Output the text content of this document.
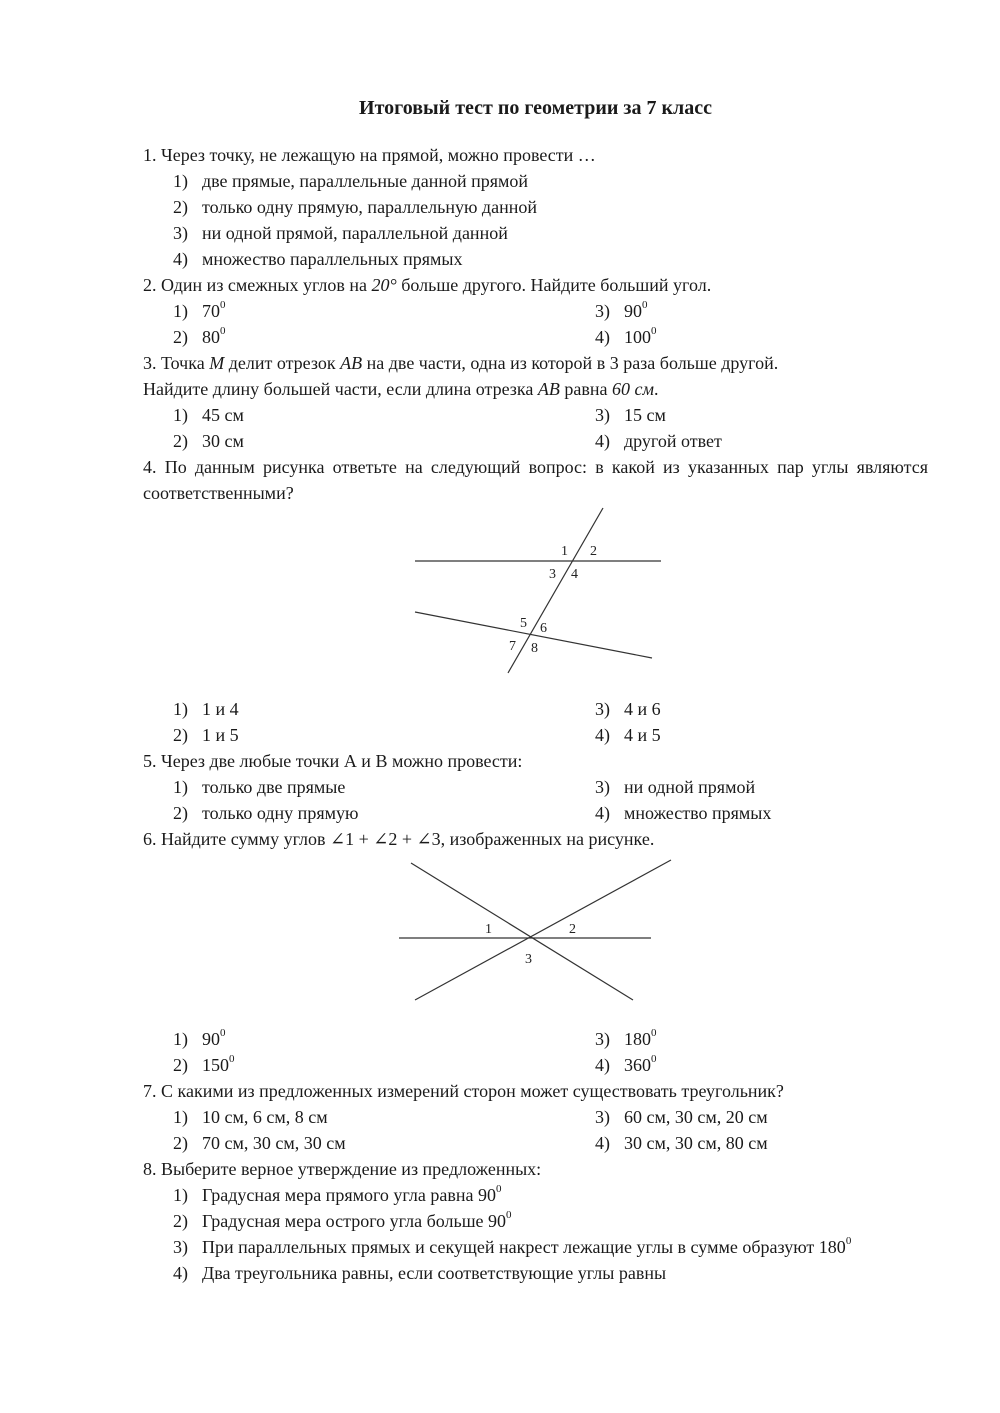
Итоговый тест по геометрии за 7 класс

1. Через точку, не лежащую на прямой, можно провести …

1) две прямые, параллельные данной прямой
2) только одну прямую, параллельную данной
3) ни одной прямой, параллельной данной
4) множество параллельных прямых

2. Один из смежных углов на 20° больше другого. Найдите больший угол.

1) $70^0$	3) $90^0$
2) $80^0$	4) $100^0$

3. Точка М делит отрезок АВ на две части, одна из которой в 3 раза больше другой.

Найдите длину большей части, если длина отрезка АВ равна 60 см.

1) 45 см	3) 15 см
2) 30 см	4) другой ответ

4. По данным рисунка ответьте на следующий вопрос: в какой из указанных пар углы являются соответственными?

1 2
3 4
5 6
7 8
1) 1 и 4	3) 4 и 6
2) 1 и 5	4) 4 и 5

5. Через две любые точки А и В можно провести:

1) только две прямые	3) ни одной прямой
2) только одну прямую	4) множество прямых

6. Найдите сумму углов ∠1 + ∠2 + ∠3, изображенных на рисунке.

1	2
3
1) $90^0$	3) $180^0$
2) $150^0$	4) $360^0$

7. С какими из предложенных измерений сторон может существовать треугольник?

1) 10 см, 6 см, 8 см	3) 60 см, 30 см, 20 см
2) 70 см, 30 см, 30 см	4) 30 см, 30 см, 80 см

8. Выберите верное утверждение из предложенных:

1) Градусная мера прямого угла равна $90^0$
2) Градусная мера острого угла больше $90^0$
3) При параллельных прямых и секущей накрест лежащие углы в сумме образуют $180^0$
4) Два треугольника равны, если соответствующие углы равны
